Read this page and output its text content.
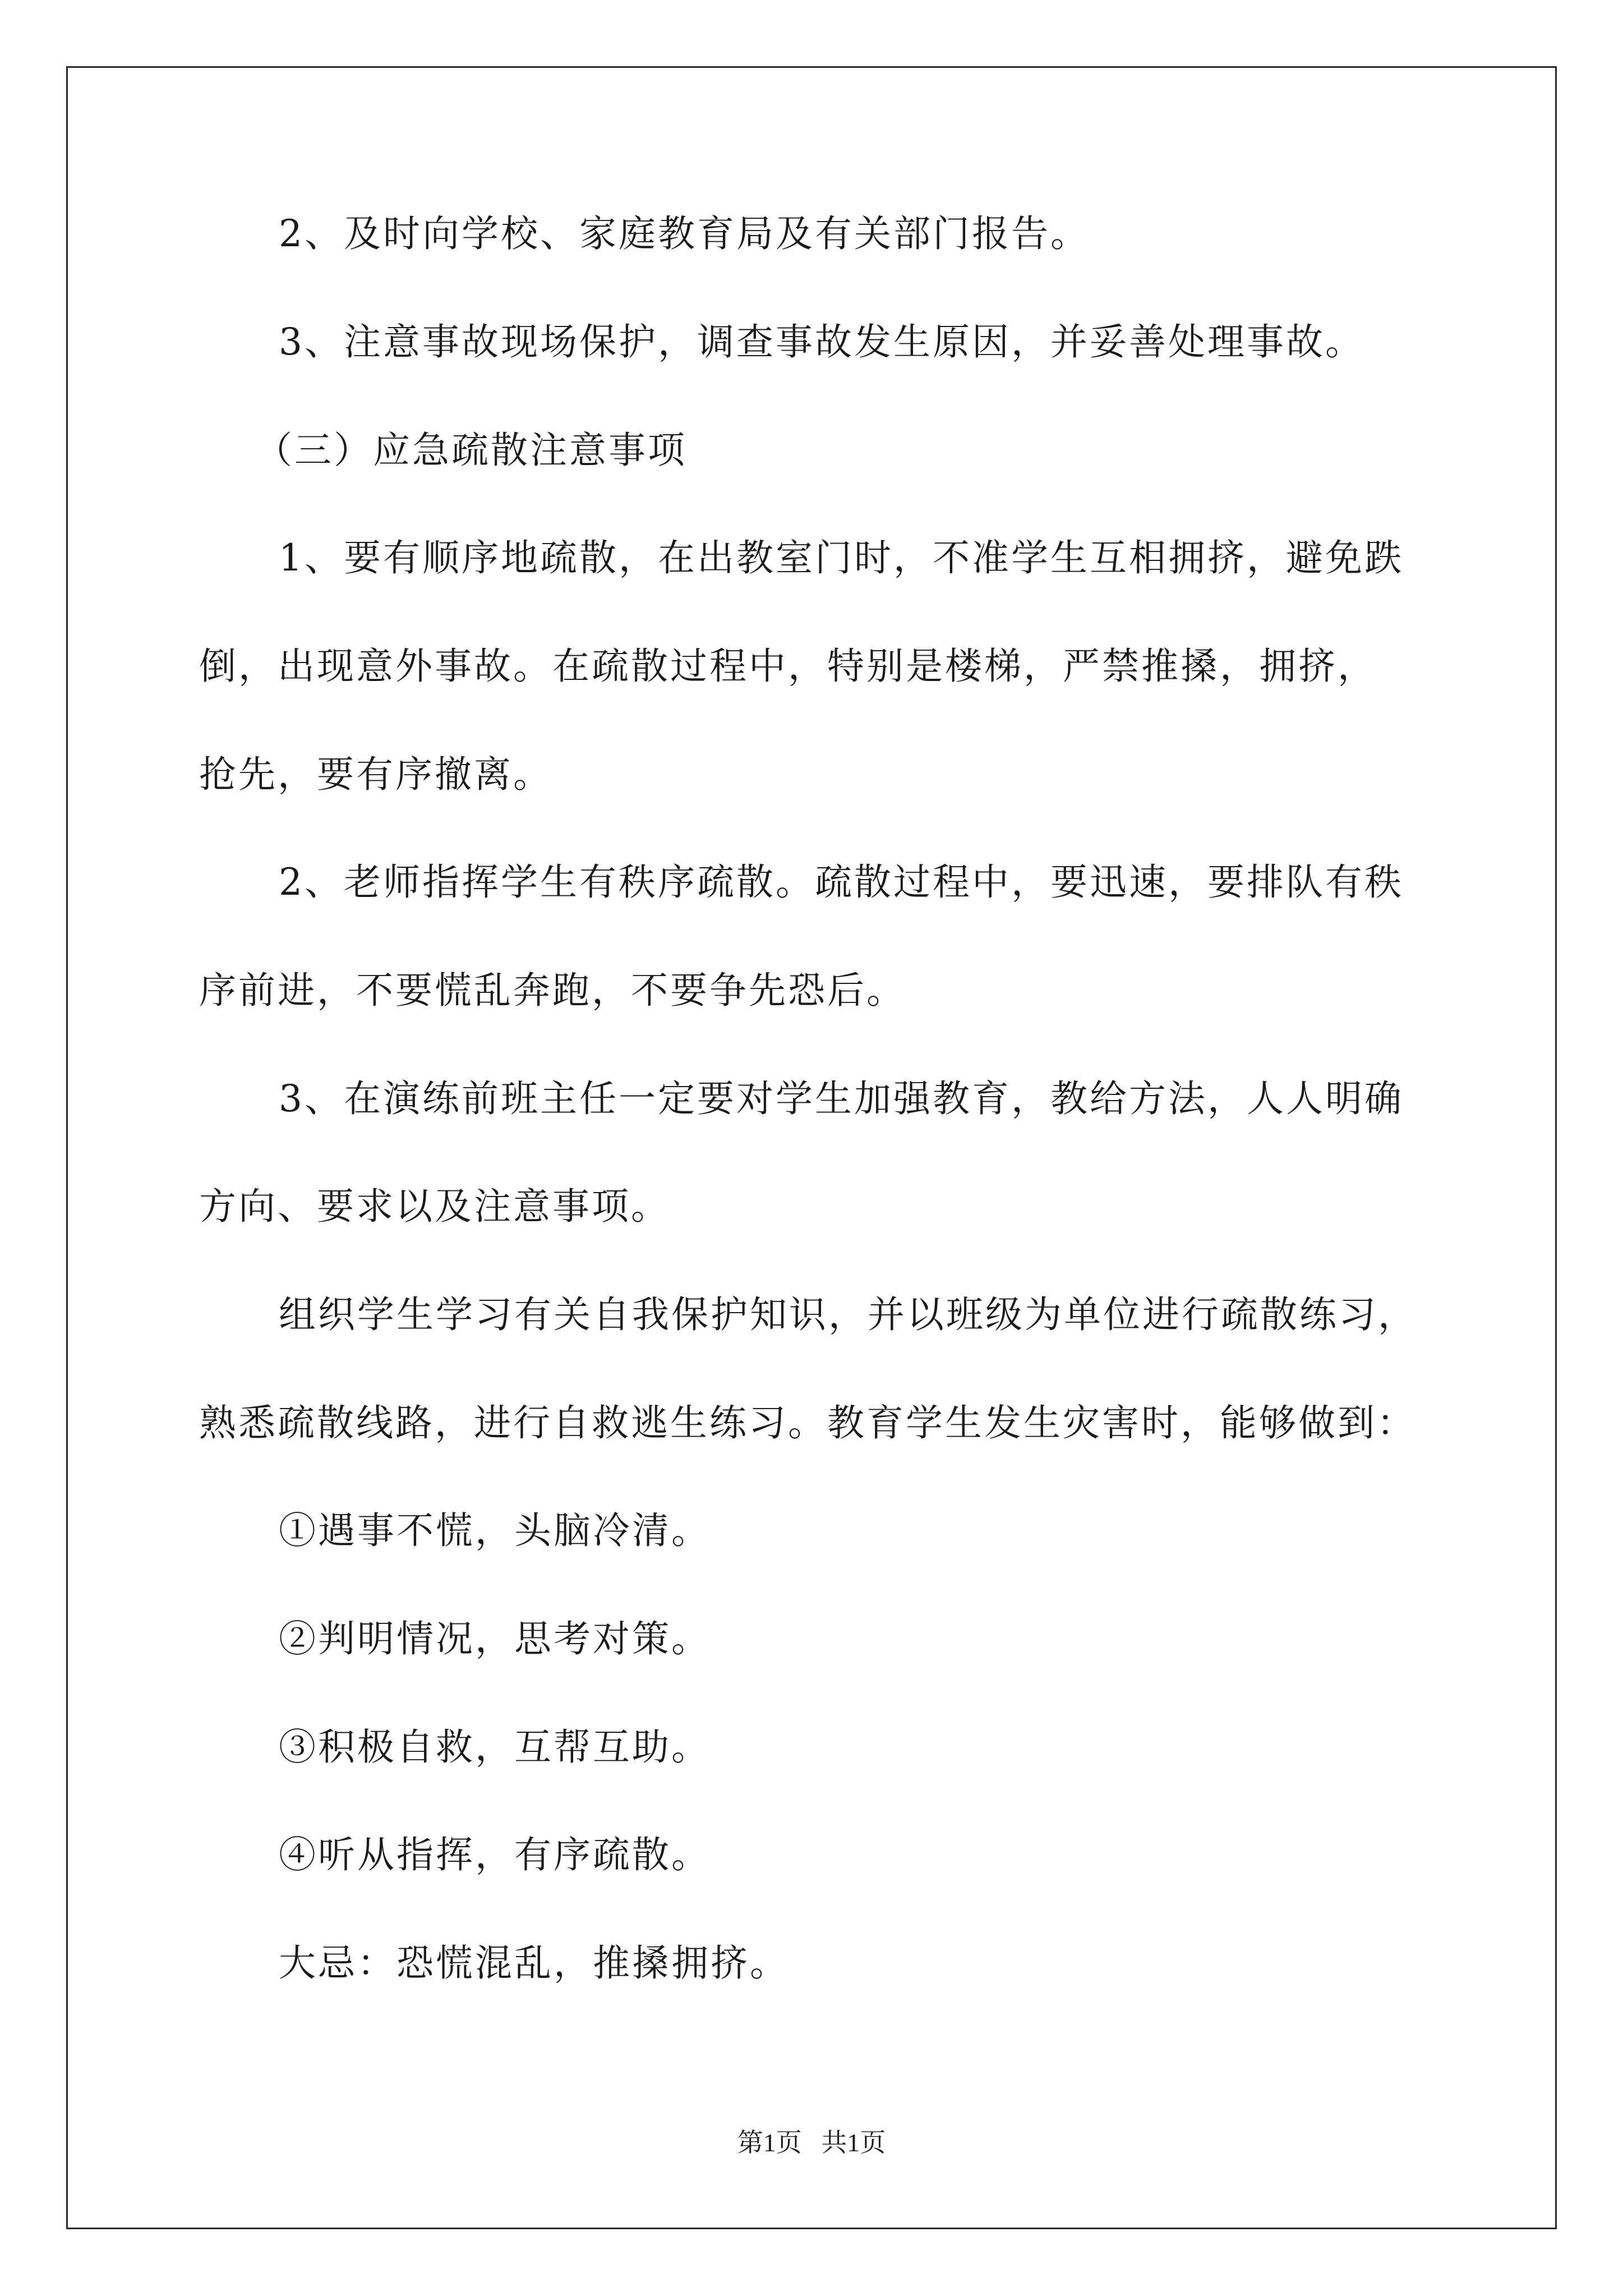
2、及时向学校、家庭教育局及有关部门报告。
3、注意事故现场保护，调查事故发生原因，并妥善处理事故。
（三）应急疏散注意事项
1、要有顺序地疏散，在出教室门时，不准学生互相拥挤，避免跌
倒，出现意外事故。在疏散过程中，特别是楼梯，严禁推搡，拥挤，
抢先，要有序撤离。
2、老师指挥学生有秩序疏散。疏散过程中，要迅速，要排队有秩
序前进，不要慌乱奔跑，不要争先恐后。
3、在演练前班主任一定要对学生加强教育，教给方法，人人明确
方向、要求以及注意事项。
组织学生学习有关自我保护知识，并以班级为单位进行疏散练习，
熟悉疏散线路，进行自救逃生练习。教育学生发生灾害时，能够做到：
①遇事不慌，头脑冷清。
②判明情况，思考对策。
③积极自救，互帮互助。
④听从指挥，有序疏散。
大忌：恐慌混乱，推搡拥挤。
第1页   共1页
